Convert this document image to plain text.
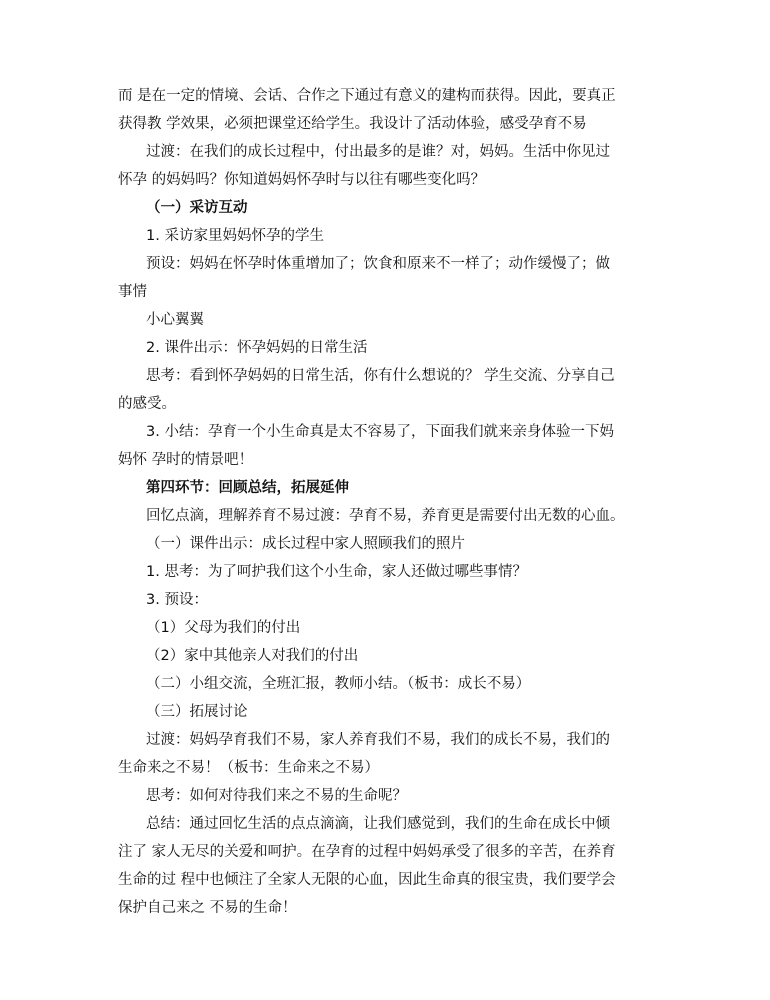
而 是在一定的情境、会话、合作之下通过有意义的建构而获得。因此，要真正
获得教 学效果，必须把课堂还给学生。我设计了活动体验，感受孕育不易
过渡：在我们的成长过程中，付出最多的是谁？对，妈妈。生活中你见过
怀孕 的妈妈吗？你知道妈妈怀孕时与以往有哪些变化吗？
（一）采访互动
1. 采访家里妈妈怀孕的学生
预设：妈妈在怀孕时体重增加了；饮食和原来不一样了；动作缓慢了；做
事情
小心翼翼
2. 课件出示：怀孕妈妈的日常生活
思考：看到怀孕妈妈的日常生活，你有什么想说的？ 学生交流、分享自己
的感受。
3. 小结：孕育一个小生命真是太不容易了，下面我们就来亲身体验一下妈
妈怀 孕时的情景吧！
第四环节：回顾总结，拓展延伸
回忆点滴，理解养育不易过渡：孕育不易，养育更是需要付出无数的心血。
（一）课件出示：成长过程中家人照顾我们的照片
1. 思考：为了呵护我们这个小生命，家人还做过哪些事情？
3. 预设：
（1）父母为我们的付出
（2）家中其他亲人对我们的付出
（二）小组交流，全班汇报，教师小结。（板书：成长不易）
（三）拓展讨论
过渡：妈妈孕育我们不易，家人养育我们不易，我们的成长不易，我们的
生命来之不易！（板书：生命来之不易）
思考：如何对待我们来之不易的生命呢？
总结：通过回忆生活的点点滴滴，让我们感觉到，我们的生命在成长中倾
注了 家人无尽的关爱和呵护。在孕育的过程中妈妈承受了很多的辛苦，在养育
生命的过 程中也倾注了全家人无限的心血，因此生命真的很宝贵，我们要学会
保护自己来之 不易的生命！
